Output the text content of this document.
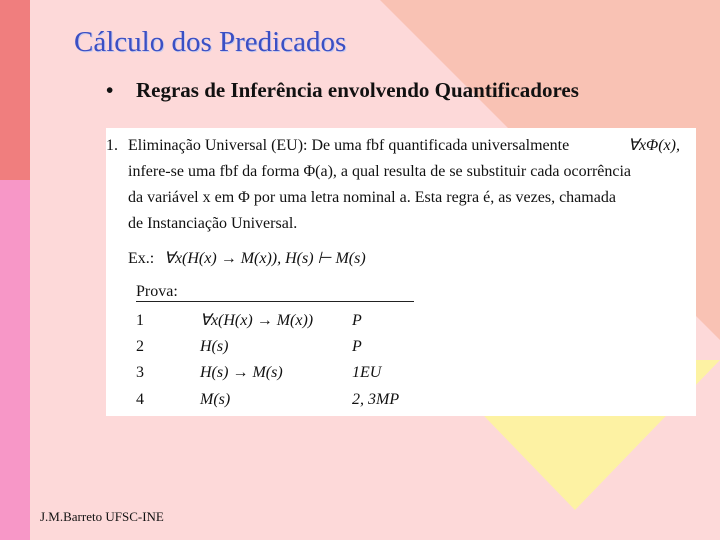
Cálculo dos Predicados
• Regras de Inferência envolvendo Quantificadores
1. Eliminação Universal (EU): De uma fbf quantificada universalmente	∀xΦ(x),
infere-se uma fbf da forma Φ(a), a qual resulta de se substituir cada ocorrência
da variável x em Φ por uma letra nominal a. Esta regra é, as vezes, chamada
de Instanciação Universal.
Ex.: ∀x(H(x) → M(x)), H(s) ⊢ M(s)
Prova:
1	∀x(H(x) → M(x)) P
2	H(s)	P
3	H(s) → M(s)	1EU
4	M(s)	2, 3MP
J.M.Barreto UFSC-INE
